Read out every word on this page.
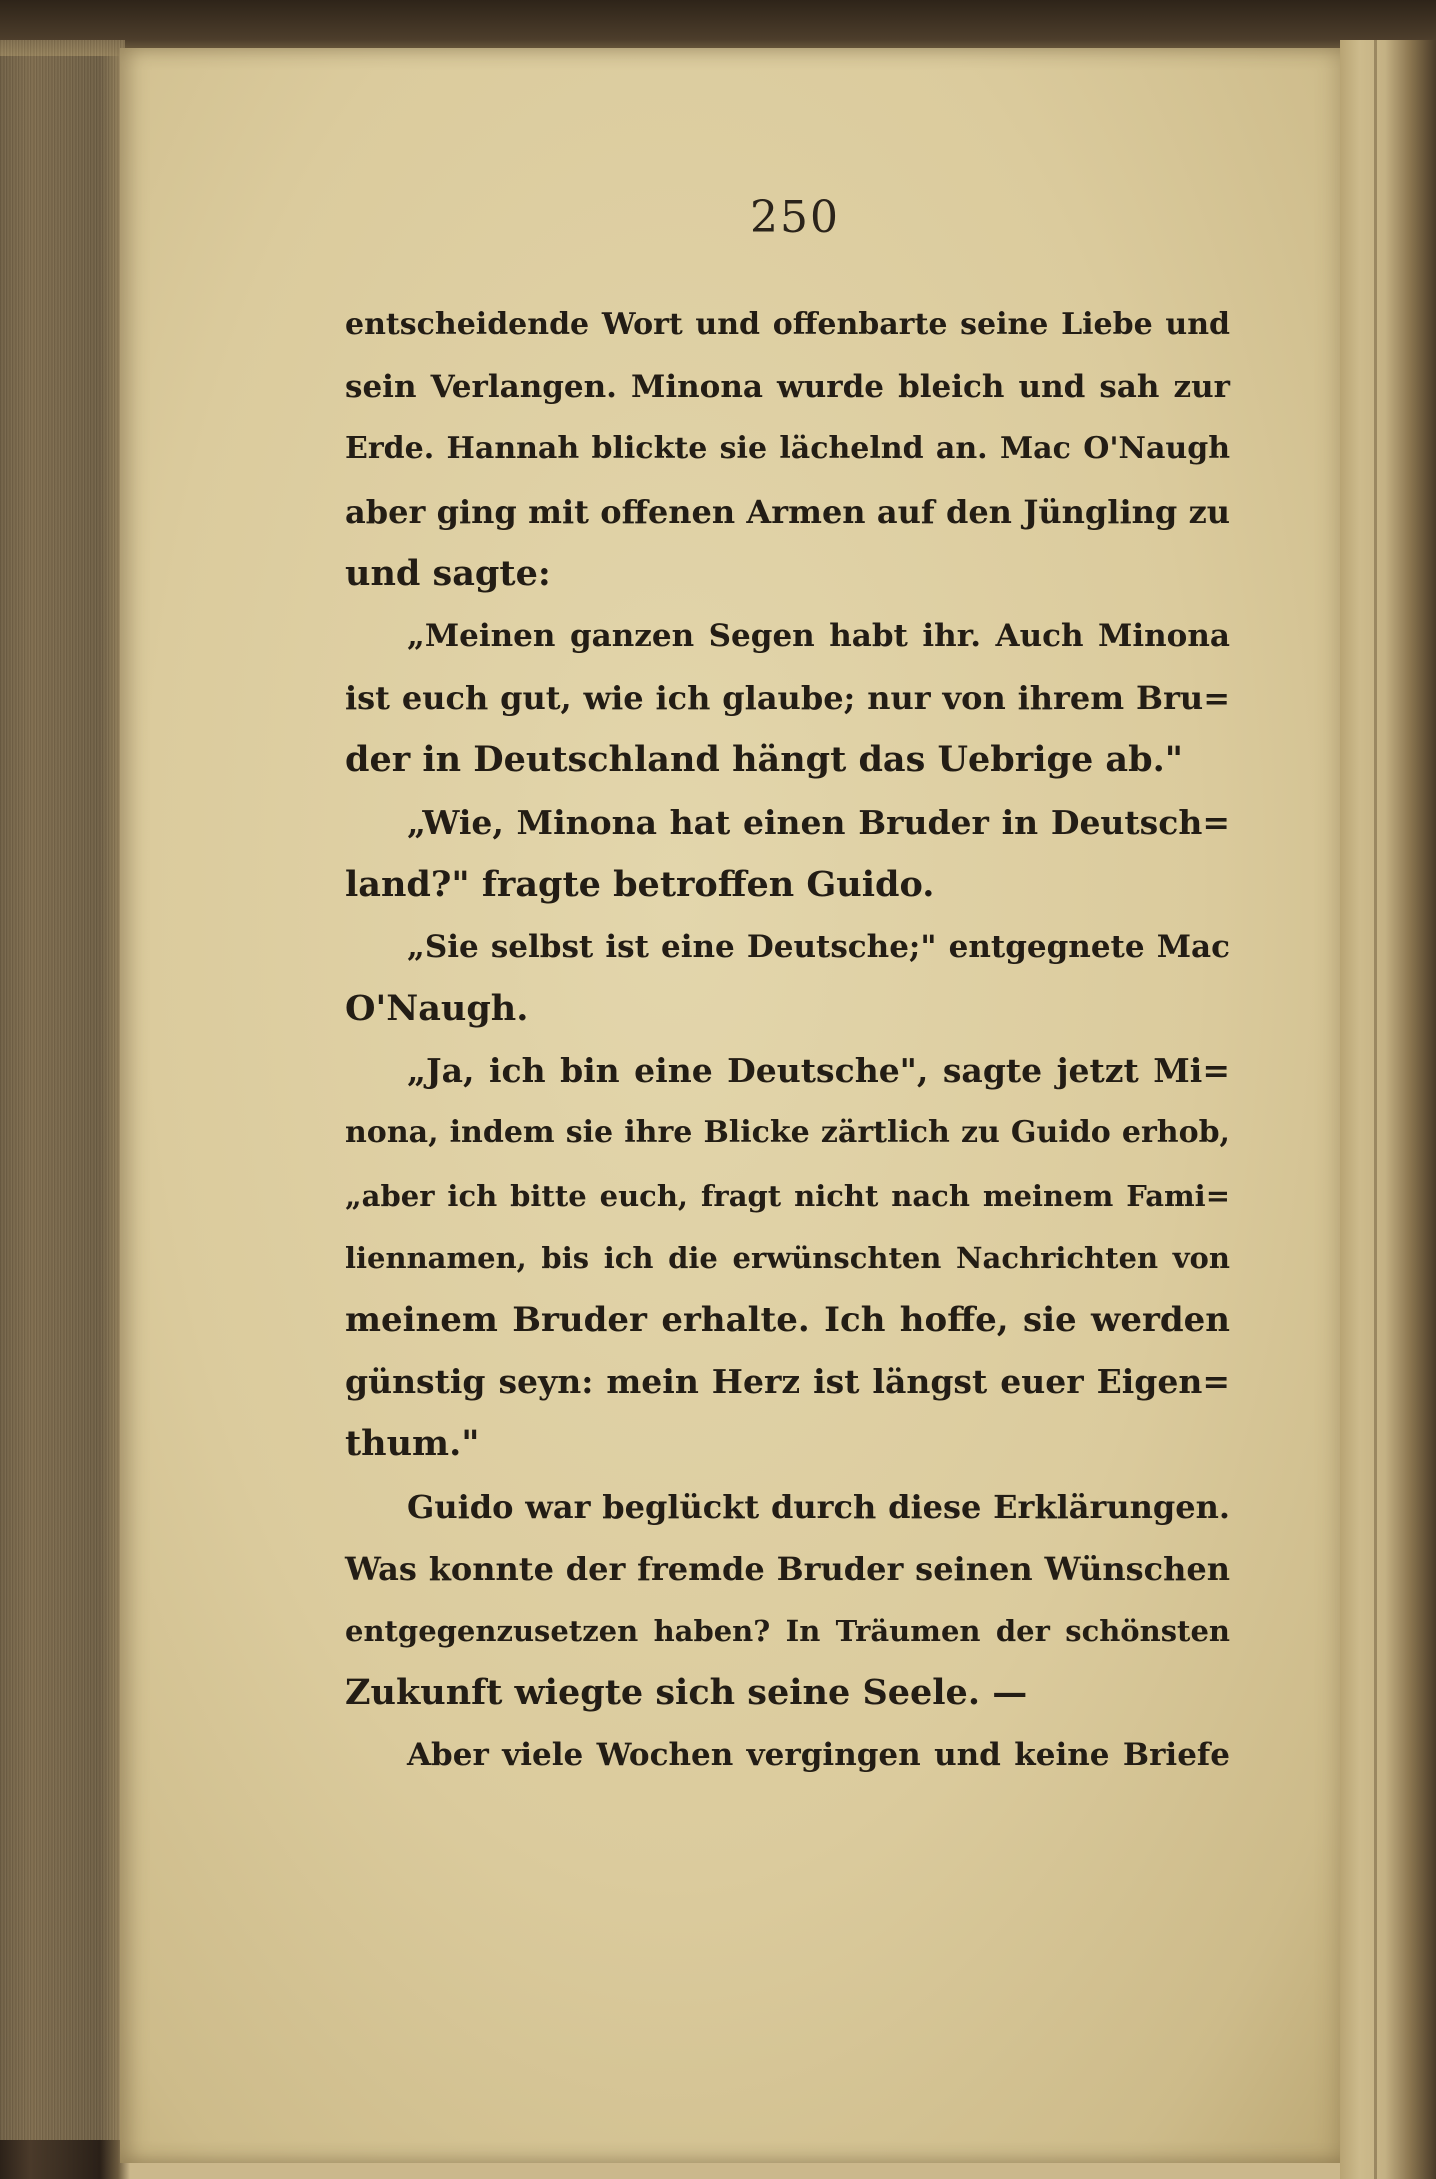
250
entscheidende Wort und offenbarte seine Liebe und
sein Verlangen. Minona wurde bleich und sah zur
Erde. Hannah blickte sie lächelnd an. Mac O'Naugh
aber ging mit offenen Armen auf den Jüngling zu
und sagte:
„Meinen ganzen Segen habt ihr. Auch Minona
ist euch gut, wie ich glaube; nur von ihrem Bru=
der in Deutschland hängt das Uebrige ab."
„Wie, Minona hat einen Bruder in Deutsch=
land?" fragte betroffen Guido.
„Sie selbst ist eine Deutsche;" entgegnete Mac
O'Naugh.
„Ja, ich bin eine Deutsche", sagte jetzt Mi=
nona, indem sie ihre Blicke zärtlich zu Guido erhob,
„aber ich bitte euch, fragt nicht nach meinem Fami=
liennamen, bis ich die erwünschten Nachrichten von
meinem Bruder erhalte. Ich hoffe, sie werden
günstig seyn: mein Herz ist längst euer Eigen=
thum."
Guido war beglückt durch diese Erklärungen.
Was konnte der fremde Bruder seinen Wünschen
entgegenzusetzen haben? In Träumen der schönsten
Zukunft wiegte sich seine Seele. —
Aber viele Wochen vergingen und keine Briefe
